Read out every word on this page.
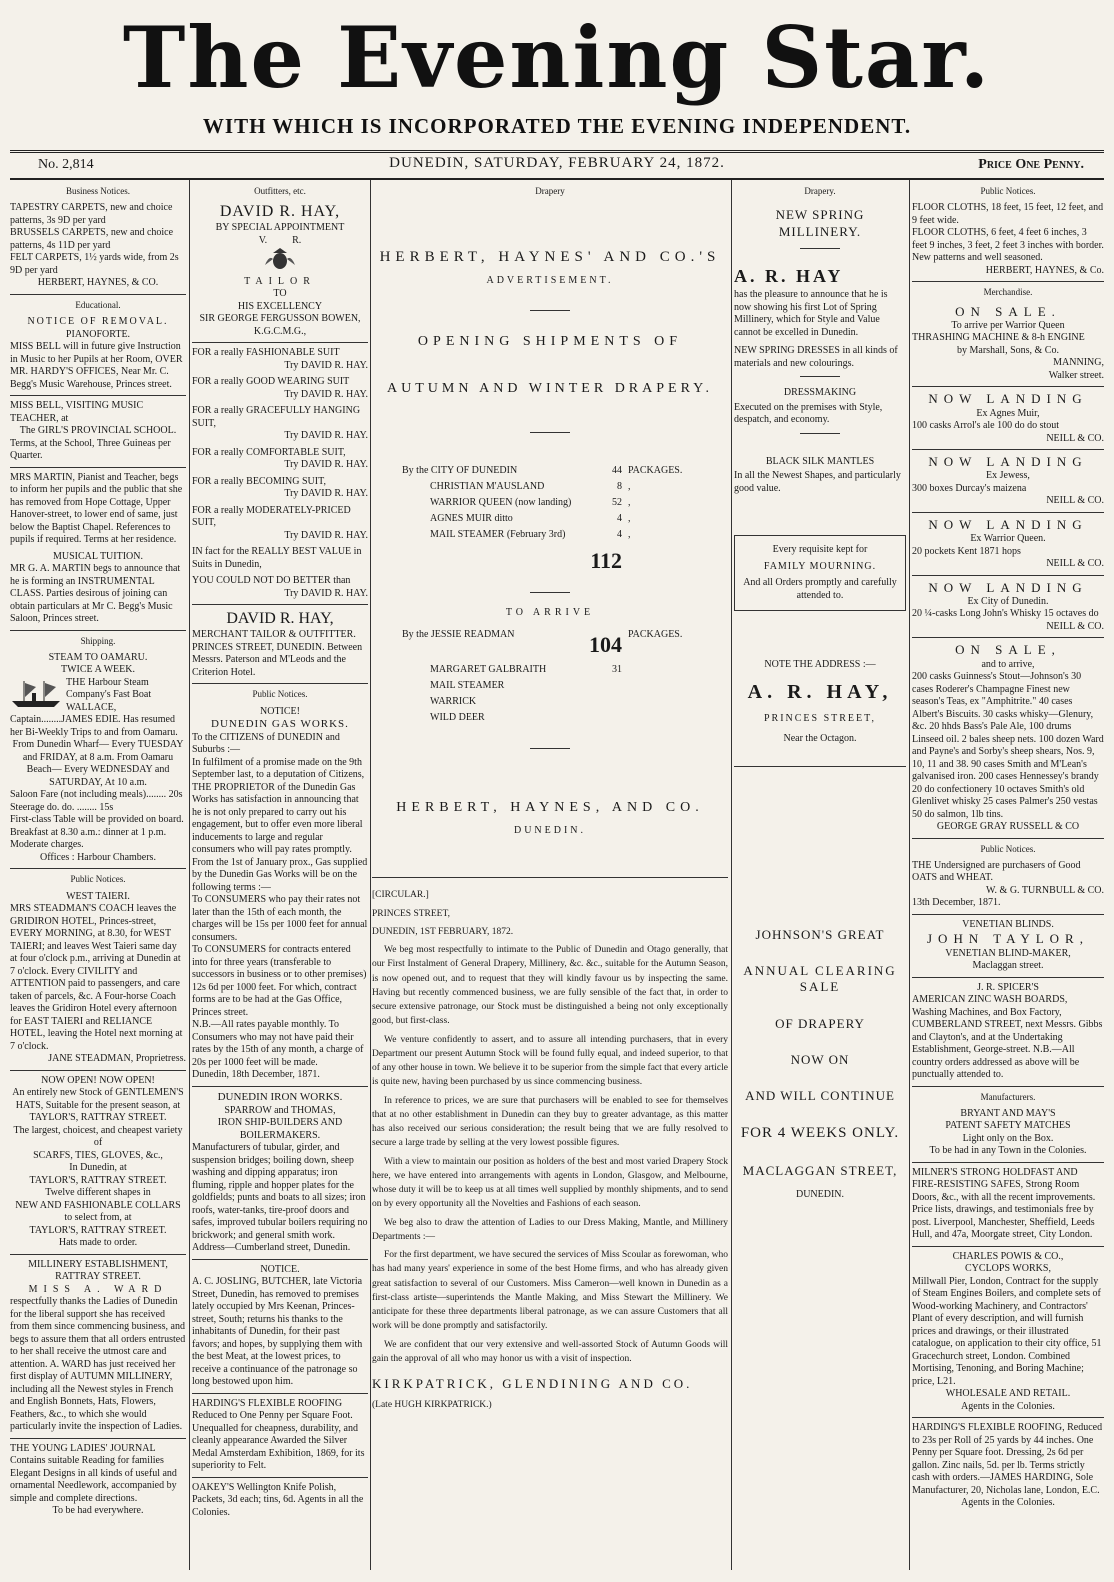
The Evening Star.
WITH WHICH IS INCORPORATED THE EVENING INDEPENDENT.
No. 2,814	DUNEDIN, SATURDAY, FEBRUARY 24, 1872.	Price One Penny.
Business Notices.

TAPESTRY CARPETS, new and choice patterns, 3s 9D per yard

BRUSSELS CARPETS, new and choice patterns, 4s 11D per yard

FELT CARPETS, 1½ yards wide, from 2s 9D per yard

HERBERT, HAYNES, & CO.

Educational.

NOTICE OF REMOVAL.

PIANOFORTE.

MISS BELL will in future give Instruction in Music to her Pupils at her Room, OVER MR. HARDY'S OFFICES, Near Mr. C. Begg's Music Warehouse, Princes street.

MISS BELL, VISITING MUSIC TEACHER, at

The GIRL'S PROVINCIAL SCHOOL.

Terms, at the School, Three Guineas per Quarter.

MRS MARTIN, Pianist and Teacher, begs to inform her pupils and the public that she has removed from Hope Cottage, Upper Hanover-street, to lower end of same, just below the Baptist Chapel. References to pupils if required. Terms at her residence.

MUSICAL TUITION.

MR G. A. MARTIN begs to announce that he is forming an INSTRUMENTAL CLASS. Parties desirous of joining can obtain particulars at Mr C. Begg's Music Saloon, Princes street.

Shipping.

STEAM TO OAMARU.

TWICE A WEEK.

THE Harbour Steam Company's Fast Boat WALLACE, Captain........JAMES EDIE. Has resumed her Bi-Weekly Trips to and from Oamaru.

From Dunedin Wharf— Every TUESDAY and FRIDAY, at 8 a.m. From Oamaru Beach— Every WEDNESDAY and SATURDAY, At 10 a.m.

Saloon Fare (not including meals)........ 20s Steerage do. do. ........ 15s

First-class Table will be provided on board. Breakfast at 8.30 a.m.: dinner at 1 p.m. Moderate charges.

Offices : Harbour Chambers.

Public Notices.

WEST TAIERI.

MRS STEADMAN'S COACH leaves the GRIDIRON HOTEL, Princes-street, EVERY MORNING, at 8.30, for WEST TAIERI; and leaves West Taieri same day at four o'clock p.m., arriving at Dunedin at 7 o'clock. Every CIVILITY and ATTENTION paid to passengers, and care taken of parcels, &c. A Four-horse Coach leaves the Gridiron Hotel every afternoon for EAST TAIERI and RELIANCE HOTEL, leaving the Hotel next morning at 7 o'clock.

JANE STEADMAN, Proprietress.

NOW OPEN! NOW OPEN!

An entirely new Stock of GENTLEMEN'S HATS, Suitable for the present season, at TAYLOR'S, RATTRAY STREET.

The largest, choicest, and cheapest variety of

SCARFS, TIES, GLOVES, &c.,

In Dunedin, at

TAYLOR'S, RATTRAY STREET.

Twelve different shapes in

NEW AND FASHIONABLE COLLARS

to select from, at

TAYLOR'S, RATTRAY STREET.

Hats made to order.

MILLINERY ESTABLISHMENT,

RATTRAY STREET.

MISS A. WARD

respectfully thanks the Ladies of Dunedin for the liberal support she has received from them since commencing business, and begs to assure them that all orders entrusted to her shall receive the utmost care and attention. A. WARD has just received her first display of AUTUMN MILLINERY, including all the Newest styles in French and English Bonnets, Hats, Flowers, Feathers, &c., to which she would particularly invite the inspection of Ladies.

THE YOUNG LADIES' JOURNAL Contains suitable Reading for families Elegant Designs in all kinds of useful and ornamental Needlework, accompanied by simple and complete directions.

To be had everywhere.

Outfitters, etc.

DAVID R. HAY,

BY SPECIAL APPOINTMENT

V.          R.

TAILOR

TO

HIS EXCELLENCY

SIR GEORGE FERGUSSON BOWEN, K.G.C.M.G.,

FOR a really FASHIONABLE SUIT

Try DAVID R. HAY.

FOR a really GOOD WEARING SUIT

Try DAVID R. HAY.

FOR a really GRACEFULLY HANGING SUIT,

Try DAVID R. HAY.

FOR a really COMFORTABLE SUIT,

Try DAVID R. HAY.

FOR a really BECOMING SUIT,

Try DAVID R. HAY.

FOR a really MODERATELY-PRICED SUIT,

Try DAVID R. HAY.

IN fact for the REALLY BEST VALUE in Suits in Dunedin,

YOU COULD NOT DO BETTER than

Try DAVID R. HAY.

DAVID R. HAY,

MERCHANT TAILOR & OUTFITTER. PRINCES STREET, DUNEDIN. Between Messrs. Paterson and M'Leods and the Criterion Hotel.

Public Notices.

NOTICE!

DUNEDIN GAS WORKS.

To the CITIZENS of DUNEDIN and Suburbs :—

In fulfilment of a promise made on the 9th September last, to a deputation of Citizens, THE PROPRIETOR of the Dunedin Gas Works has satisfaction in announcing that he is not only prepared to carry out his engagement, but to offer even more liberal inducements to large and regular consumers who will pay rates promptly.

From the 1st of January prox., Gas supplied by the Dunedin Gas Works will be on the following terms :—

To CONSUMERS who pay their rates not later than the 15th of each month, the charges will be 15s per 1000 feet for annual consumers.

To CONSUMERS for contracts entered into for three years (transferable to successors in business or to other premises) 12s 6d per 1000 feet. For which, contract forms are to be had at the Gas Office, Princes street.

N.B.—All rates payable monthly. To Consumers who may not have paid their rates by the 15th of any month, a charge of 20s per 1000 feet will be made.

Dunedin, 18th December, 1871.

DUNEDIN IRON WORKS.

SPARROW and THOMAS,

IRON SHIP-BUILDERS AND BOILERMAKERS.

Manufacturers of tubular, girder, and suspension bridges; boiling down, sheep washing and dipping apparatus; iron fluming, ripple and hopper plates for the goldfields; punts and boats to all sizes; iron roofs, water-tanks, tire-proof doors and safes, improved tubular boilers requiring no brickwork; and general smith work. Address—Cumberland street, Dunedin.

NOTICE.

A. C. JOSLING, BUTCHER, late Victoria Street, Dunedin, has removed to premises lately occupied by Mrs Keenan, Princes-street, South; returns his thanks to the inhabitants of Dunedin, for their past favors; and hopes, by supplying them with the best Meat, at the lowest prices, to receive a continuance of the patronage so long bestowed upon him.

HARDING'S FLEXIBLE ROOFING Reduced to One Penny per Square Foot. Unequalled for cheapness, durability, and cleanly appearance Awarded the Silver Medal Amsterdam Exhibition, 1869, for its superiority to Felt.

OAKEY'S Wellington Knife Polish, Packets, 3d each; tins, 6d. Agents in all the Colonies.

Drapery

HERBERT, HAYNES' AND CO.'S

ADVERTISEMENT.

OPENING SHIPMENTS OF

AUTUMN AND WINTER DRAPERY.

By the CITY OF DUNEDIN	44 PACKAGES.
CHRISTIAN M'AUSLAND	8 ,
WARRIOR QUEEN (now landing)	52 ,
AGNES MUIR ditto	4 ,
MAIL STEAMER (February 3rd)	4 ,
112

TO ARRIVE

By the JESSIE READMAN	104 PACKAGES.
MARGARET GALBRAITH	31
MAIL STEAMER
WARRICK
WILD DEER

HERBERT, HAYNES, AND CO.

DUNEDIN.

[CIRCULAR.]

PRINCES STREET,

DUNEDIN, 1ST FEBRUARY, 1872.

We beg most respectfully to intimate to the Public of Dunedin and Otago generally, that our First Instalment of General Drapery, Millinery, &c. &c., suitable for the Autumn Season, is now opened out, and to request that they will kindly favour us by inspecting the same. Having but recently commenced business, we are fully sensible of the fact that, in order to secure extensive patronage, our Stock must be distinguished a being not only exceptionally good, but first-class.

We venture confidently to assert, and to assure all intending purchasers, that in every Department our present Autumn Stock will be found fully equal, and indeed superior, to that of any other house in town. We believe it to be superior from the simple fact that every article is quite new, having been purchased by us since commencing business.

In reference to prices, we are sure that purchasers will be enabled to see for themselves that at no other establishment in Dunedin can they buy to greater advantage, as this matter has also received our serious consideration; the result being that we are fully resolved to secure a large trade by selling at the very lowest possible figures.

With a view to maintain our position as holders of the best and most varied Drapery Stock here, we have entered into arrangements with agents in London, Glasgow, and Melbourne, whose duty it will be to keep us at all times well supplied by monthly shipments, and to send on by every opportunity all the Novelties and Fashions of each season.

We beg also to draw the attention of Ladies to our Dress Making, Mantle, and Millinery Departments :—

For the first department, we have secured the services of Miss Scoular as forewoman, who has had many years' experience in some of the best Home firms, and who has already given great satisfaction to several of our Customers. Miss Cameron—well known in Dunedin as a first-class artiste—superintends the Mantle Making, and Miss Stewart the Millinery. We anticipate for these three departments liberal patronage, as we can assure Customers that all work will be done promptly and satisfactorily.

We are confident that our very extensive and well-assorted Stock of Autumn Goods will gain the approval of all who may honor us with a visit of inspection.

KIRKPATRICK, GLENDINING AND CO.

(Late HUGH KIRKPATRICK.)

Drapery.

NEW SPRING MILLINERY.

A. R. HAY

has the pleasure to announce that he is now showing his first Lot of Spring Millinery, which for Style and Value cannot be excelled in Dunedin.

NEW SPRING DRESSES in all kinds of materials and new colourings.

DRESSMAKING

Executed on the premises with Style, despatch, and economy.

BLACK SILK MANTLES

In all the Newest Shapes, and particularly good value.

Every requisite kept for

FAMILY MOURNING.

And all Orders promptly and carefully attended to.

NOTE THE ADDRESS :—

A. R. HAY,

PRINCES STREET,

Near the Octagon.

JOHNSON'S GREAT

ANNUAL CLEARING SALE

OF DRAPERY

NOW ON

AND WILL CONTINUE

FOR 4 WEEKS ONLY.

MACLAGGAN STREET,

DUNEDIN.

Public Notices.

FLOOR CLOTHS, 18 feet, 15 feet, 12 feet, and 9 feet wide.

FLOOR CLOTHS, 6 feet, 4 feet 6 inches, 3 feet 9 inches, 3 feet, 2 feet 3 inches with border.

New patterns and well seasoned.

HERBERT, HAYNES, & Co.

Merchandise.

ON SALE.

To arrive per Warrior Queen

THRASHING MACHINE & 8-h ENGINE

by Marshall, Sons, & Co.

MANNING,

Walker street.

NOW LANDING

Ex Agnes Muir,

100 casks Arrol's ale 100 do do stout

NEILL & CO.

NOW LANDING

Ex Jewess,

300 boxes Durcay's maizena

NEILL & CO.

NOW LANDING

Ex Warrior Queen.

20 pockets Kent 1871 hops

NEILL & CO.

NOW LANDING

Ex City of Dunedin.

20 ¼-casks Long John's Whisky 15 octaves do

NEILL & CO.

ON SALE,

and to arrive,

200 casks Guinness's Stout—Johnson's 30 cases Roderer's Champagne Finest new season's Teas, ex "Amphitrite." 40 cases Albert's Biscuits. 30 casks whisky—Glenury, &c. 20 hhds Bass's Pale Ale, 100 drums Linseed oil. 2 bales sheep nets. 100 dozen Ward and Payne's and Sorby's sheep shears, Nos. 9, 10, 11 and 38. 90 cases Smith and M'Lean's galvanised iron. 200 cases Hennessey's brandy 20 do confectionery 10 octaves Smith's old Glenlivet whisky 25 cases Palmer's 250 vestas 50 do salmon, 1lb tins.

GEORGE GRAY RUSSELL & CO

Public Notices.

THE Undersigned are purchasers of Good OATS and WHEAT.

W. & G. TURNBULL & CO.

13th December, 1871.

VENETIAN BLINDS.

JOHN TAYLOR,

VENETIAN BLIND-MAKER,

Maclaggan street.

J. R. SPICER'S

AMERICAN ZINC WASH BOARDS, Washing Machines, and Box Factory, CUMBERLAND STREET, next Messrs. Gibbs and Clayton's, and at the Undertaking Establishment, George-street. N.B.—All country orders addressed as above will be punctually attended to.

Manufacturers.

BRYANT AND MAY'S

PATENT SAFETY MATCHES

Light only on the Box.

To be had in any Town in the Colonies.

MILNER'S STRONG HOLDFAST AND FIRE-RESISTING SAFES, Strong Room Doors, &c., with all the recent improvements. Price lists, drawings, and testimonials free by post. Liverpool, Manchester, Sheffield, Leeds Hull, and 47a, Moorgate street, City London.

CHARLES POWIS & CO.,

CYCLOPS WORKS,

Millwall Pier, London, Contract for the supply of Steam Engines Boilers, and complete sets of Wood-working Machinery, and Contractors' Plant of every description, and will furnish prices and drawings, or their illustrated catalogue, on application to their city office, 51 Gracechurch street, London. Combined Mortising, Tenoning, and Boring Machine; price, L21.

WHOLESALE AND RETAIL.

Agents in the Colonies.

HARDING'S FLEXIBLE ROOFING, Reduced to 23s per Roll of 25 yards by 44 inches. One Penny per Square foot. Dressing, 2s 6d per gallon. Zinc nails, 5d. per lb. Terms strictly cash with orders.—JAMES HARDING, Sole Manufacturer, 20, Nicholas lane, London, E.C.

Agents in the Colonies.
